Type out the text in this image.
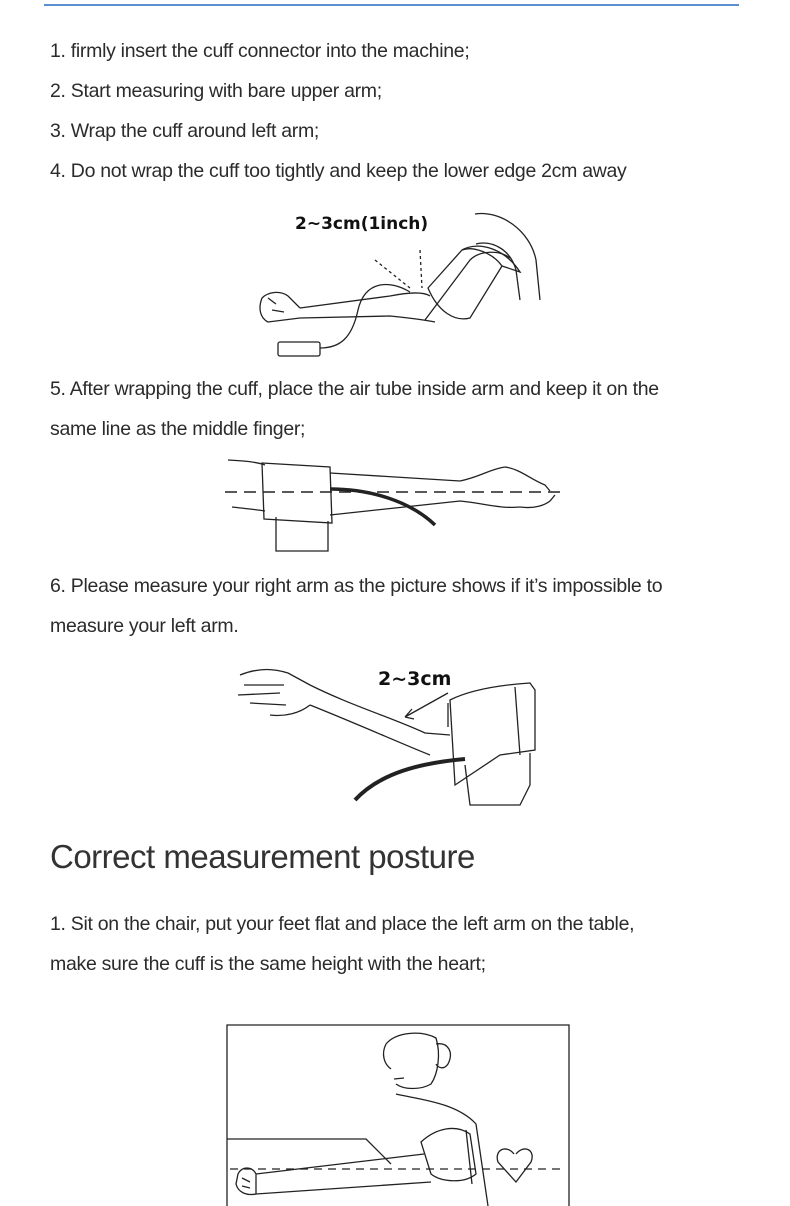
1. firmly insert the cuff connector into the machine;
2. Start measuring with bare upper arm;
3. Wrap the cuff around left arm;
4. Do not wrap the cuff too tightly and keep the lower edge 2cm away
2~3cm(1inch)
5. After wrapping the cuff, place the air tube inside arm and keep it on the
same line as the middle finger;
6. Please measure your right arm as the picture shows if it’s impossible to
measure your left arm.
2~3cm
Correct measurement posture
1. Sit on the chair, put your feet flat and place the left arm on the table,
make sure the cuff is the same height with the heart;
